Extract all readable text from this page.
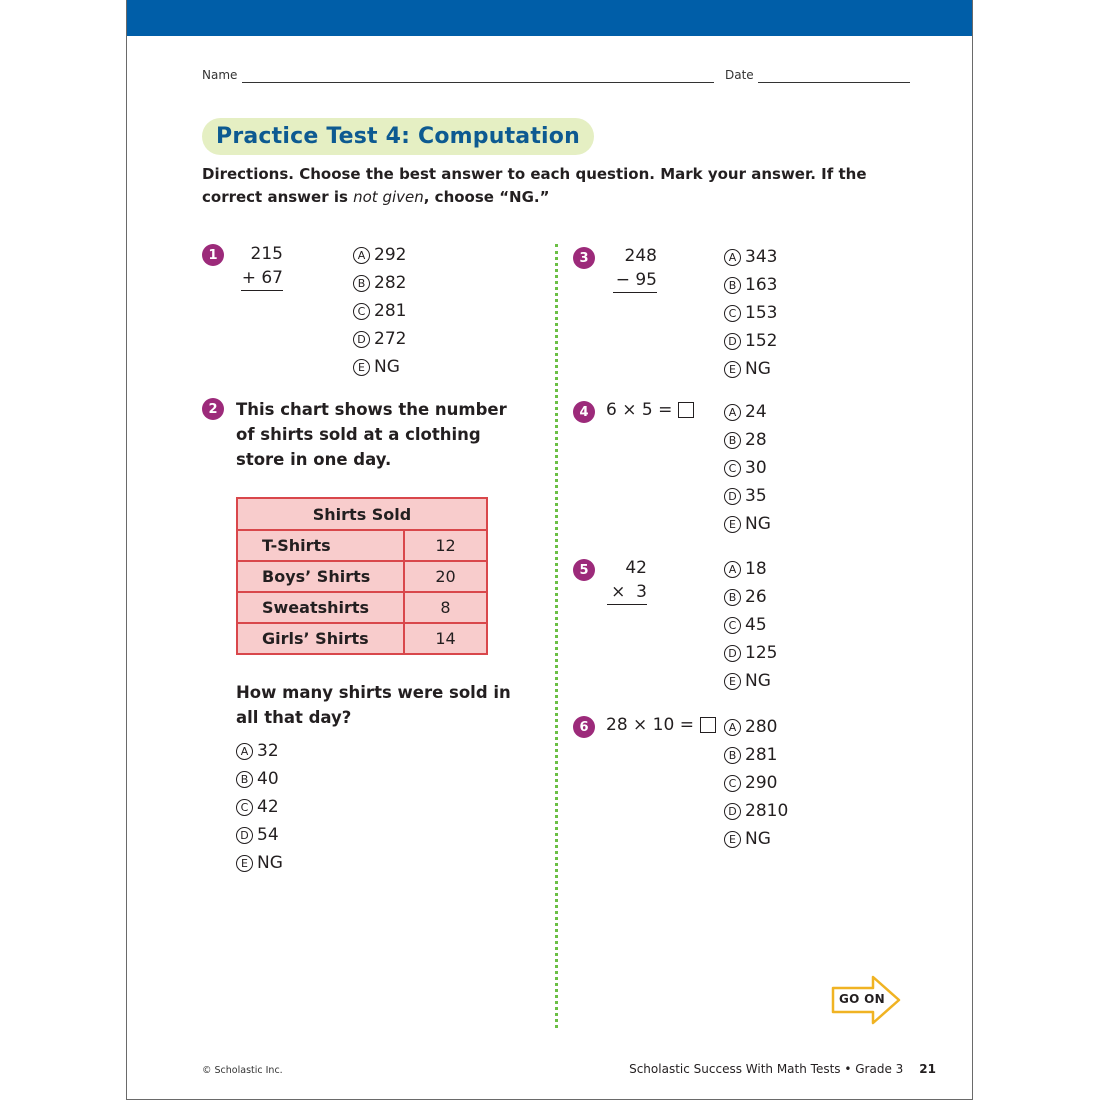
Name	Date
Practice Test 4: Computation

Directions. Choose the best answer to each question. Mark your answer. If the correct answer is not given, choose “NG.”

1	215
+ 67
A 292
B 282
C 281
D 272
E NG
2	This chart shows the number of shirts sold at a clothing store in one day.

Shirts Sold	
T-Shirts	12
Boys’ Shirts	20
Sweatshirts	8
Girls’ Shirts	14

How many shirts were sold in all that day?

A 32
B 40
C 42
D 54
E NG
3	248
− 95
A 343
B 163
C 153
D 152
E NG
4	6 × 5 =	A 24
B 28
C 30
D 35
E NG
5	42
×  3
A 18
B 26
C 45
D 125
E NG
6	28 × 10 =	A 280
B 281
C 290
D 2810
E NG
GO ON
© Scholastic Inc.	Scholastic Success With Math Tests • Grade 3 21
